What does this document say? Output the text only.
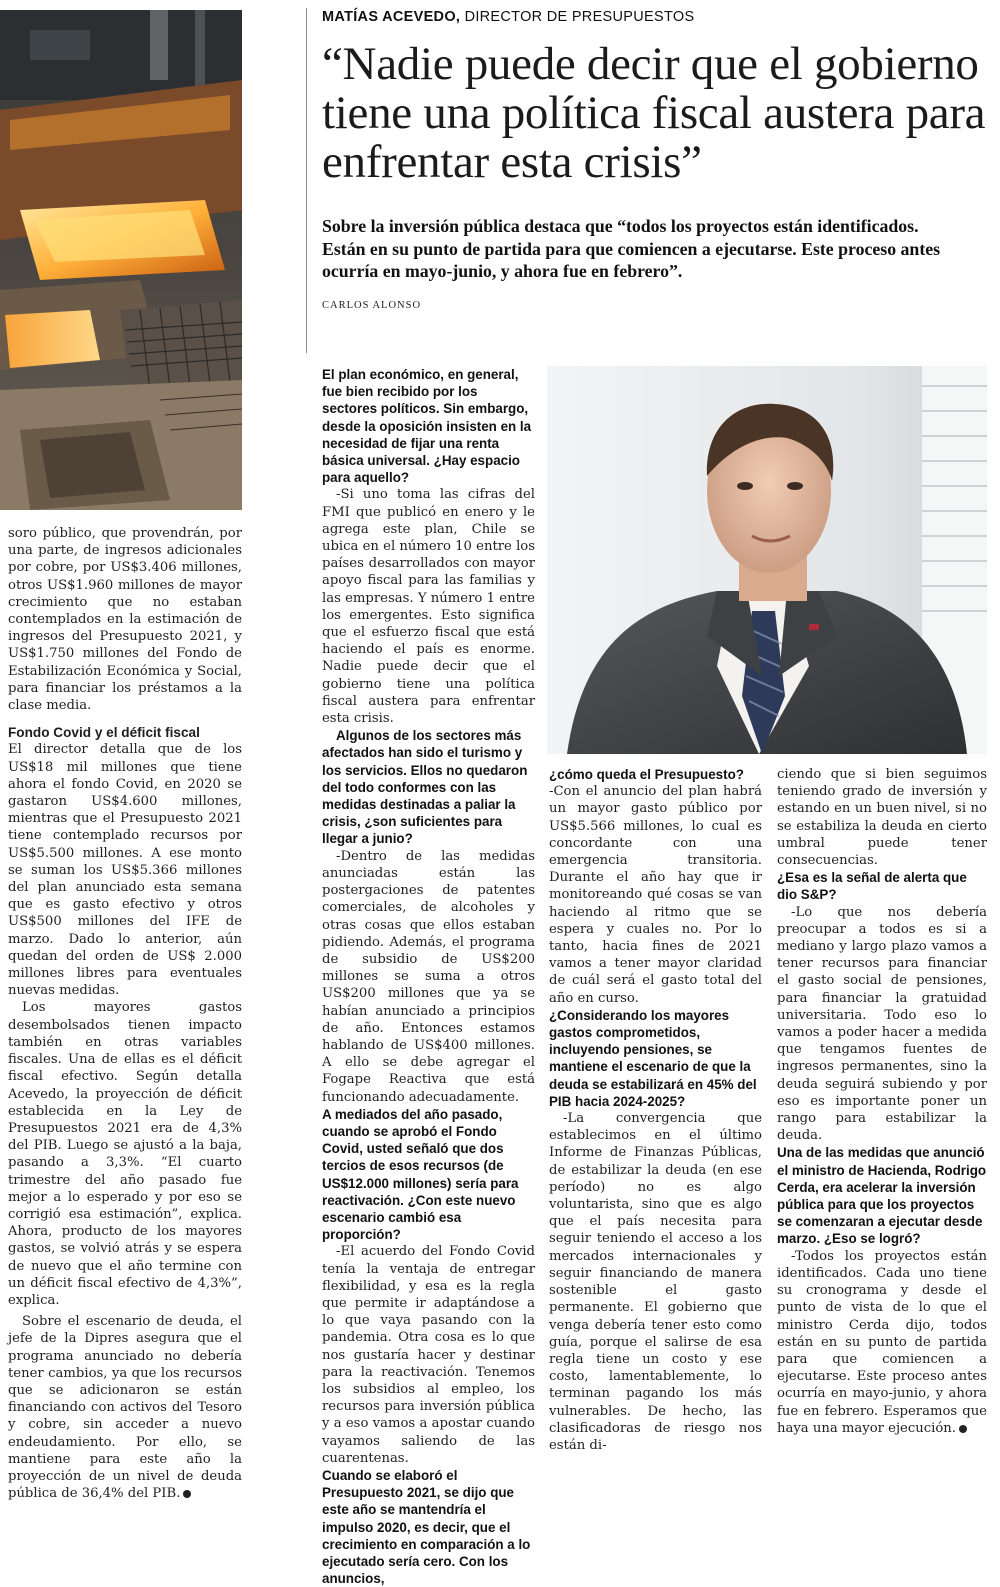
MATÍAS ACEVEDO, DIRECTOR DE PRESUPUESTOS
“Nadie puede decir que el gobierno tiene una política fiscal austera para enfrentar esta crisis”
Sobre la inversión pública destaca que “todos los proyectos están identificados. Están en su punto de partida para que comiencen a ejecutarse. Este proceso antes ocurría en mayo-junio, y ahora fue en febrero”.
CARLOS ALONSO

soro público, que provendrán, por una parte, de ingresos adicionales por cobre, por US$3.406 millones, otros US$1.960 millones de mayor crecimiento que no estaban contemplados en la estimación de ingresos del Presupuesto 2021, y US$1.750 millones del Fondo de Estabilización Económica y Social, para financiar los préstamos a la clase media.

Fondo Covid y el déficit fiscal

El director detalla que de los US$18 mil millones que tiene ahora el fondo Covid, en 2020 se gastaron US$4.600 millones, mientras que el Presupuesto 2021 tiene contemplado recursos por US$5.500 millones. A ese monto se suman los US$5.366 millones del plan anunciado esta semana que es gasto efectivo y otros US$500 millones del IFE de marzo. Dado lo anterior, aún quedan del orden de US$ 2.000 millones libres para eventuales nuevas medidas.

Los mayores gastos desembolsados tienen impacto también en otras variables fiscales. Una de ellas es el déficit fiscal efectivo. Según detalla Acevedo, la proyección de déficit establecida en la Ley de Presupuestos 2021 era de 4,3% del PIB. Luego se ajustó a la baja, pasando a 3,3%. “El cuarto trimestre del año pasado fue mejor a lo esperado y por eso se corrigió esa estimación”, explica. Ahora, producto de los mayores gastos, se volvió atrás y se espera de nuevo que el año termine con un déficit fiscal efectivo de 4,3%”, explica.

Sobre el escenario de deuda, el jefe de la Dipres asegura que el programa anunciado no debería tener cambios, ya que los recursos que se adicionaron se están financiando con activos del Tesoro y cobre, sin acceder a nuevo endeudamiento. Por ello, se mantiene para este año la proyección de un nivel de deuda pública de 36,4% del PIB.

El plan económico, en general, fue bien recibido por los sectores políticos. Sin embargo, desde la oposición insisten en la necesidad de fijar una renta básica universal. ¿Hay espacio para aquello?

-Si uno toma las cifras del FMI que publicó en enero y le agrega este plan, Chile se ubica en el número 10 entre los países desarrollados con mayor apoyo fiscal para las familias y las empresas. Y número 1 entre los emergentes. Esto significa que el esfuerzo fiscal que está haciendo el país es enorme. Nadie puede decir que el gobierno tiene una política fiscal austera para enfrentar esta crisis.

Algunos de los sectores más afectados han sido el turismo y los servicios. Ellos no quedaron del todo conformes con las medidas destinadas a paliar la crisis, ¿son suficientes para llegar a junio?

-Dentro de las medidas anunciadas están las postergaciones de patentes comerciales, de alcoholes y otras cosas que ellos estaban pidiendo. Además, el programa de subsidio de US$200 millones se suma a otros US$200 millones que ya se habían anunciado a principios de año. Entonces estamos hablando de US$400 millones. A ello se debe agregar el Fogape Reactiva que está funcionando adecuadamente.

A mediados del año pasado, cuando se aprobó el Fondo Covid, usted señaló que dos tercios de esos recursos (de US$12.000 millones) sería para reactivación. ¿Con este nuevo escenario cambió esa proporción?

-El acuerdo del Fondo Covid tenía la ventaja de entregar flexibilidad, y esa es la regla que permite ir adaptándose a lo que vaya pasando con la pandemia. Otra cosa es lo que nos gustaría hacer y destinar para la reactivación. Tenemos los subsidios al empleo, los recursos para inversión pública y a eso vamos a apostar cuando vayamos saliendo de las cuarentenas.

Cuando se elaboró el Presupuesto 2021, se dijo que este año se mantendría el impulso 2020, es decir, que el crecimiento en comparación a lo ejecutado sería cero. Con los anuncios,

¿cómo queda el Presupuesto?

-Con el anuncio del plan habrá un mayor gasto público por US$5.566 millones, lo cual es concordante con una emergencia transitoria. Durante el año hay que ir monitoreando qué cosas se van haciendo al ritmo que se espera y cuales no. Por lo tanto, hacia fines de 2021 vamos a tener mayor claridad de cuál será el gasto total del año en curso.

¿Considerando los mayores gastos comprometidos, incluyendo pensiones, se mantiene el escenario de que la deuda se estabilizará en 45% del PIB hacia 2024-2025?

-La convergencia que establecimos en el último Informe de Finanzas Públicas, de estabilizar la deuda (en ese período) no es algo voluntarista, sino que es algo que el país necesita para seguir teniendo el acceso a los mercados internacionales y seguir financiando de manera sostenible el gasto permanente. El gobierno que venga debería tener esto como guía, porque el salirse de esa regla tiene un costo y ese costo, lamentablemente, lo terminan pagando los más vulnerables. De hecho, las clasificadoras de riesgo nos están di-

ciendo que si bien seguimos teniendo grado de inversión y estando en un buen nivel, si no se estabiliza la deuda en cierto umbral puede tener consecuencias.

¿Esa es la señal de alerta que dio S&P?

-Lo que nos debería preocupar a todos es si a mediano y largo plazo vamos a tener recursos para financiar el gasto social de pensiones, para financiar la gratuidad universitaria. Todo eso lo vamos a poder hacer a medida que tengamos fuentes de ingresos permanentes, sino la deuda seguirá subiendo y por eso es importante poner un rango para estabilizar la deuda.

Una de las medidas que anunció el ministro de Hacienda, Rodrigo Cerda, era acelerar la inversión pública para que los proyectos se comenzaran a ejecutar desde marzo. ¿Eso se logró?

-Todos los proyectos están identificados. Cada uno tiene su cronograma y desde el punto de vista de lo que el ministro Cerda dijo, todos están en su punto de partida para que comiencen a ejecutarse. Este proceso antes ocurría en mayo-junio, y ahora fue en febrero. Esperamos que haya una mayor ejecución.
